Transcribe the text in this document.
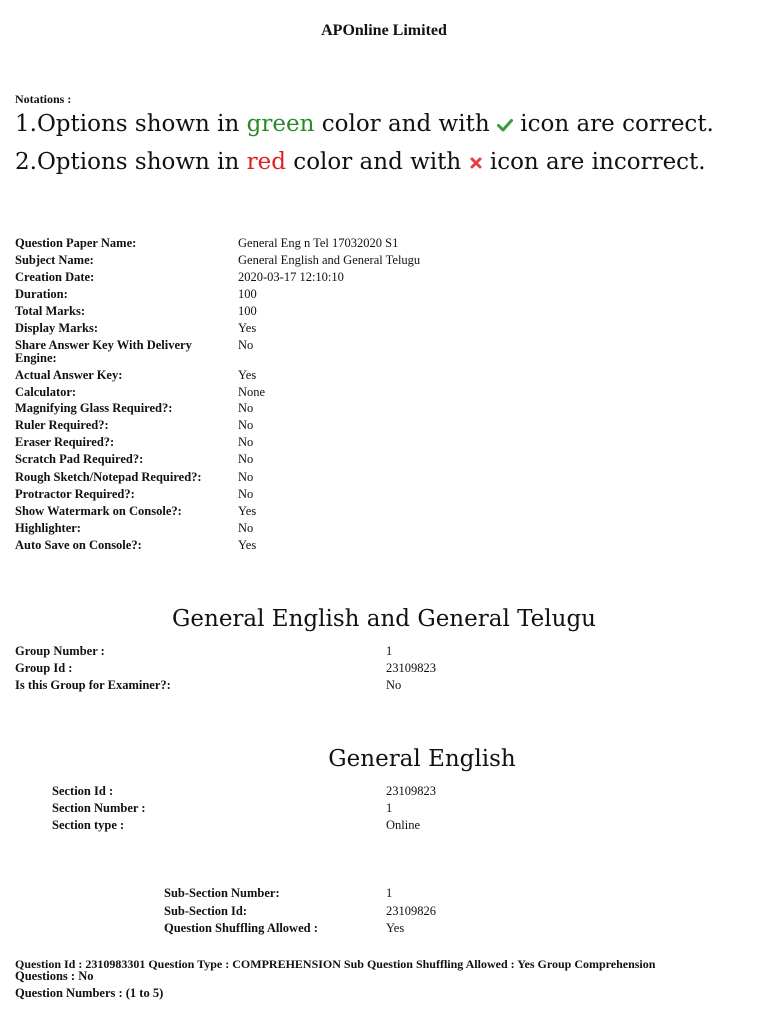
APOnline Limited
Notations :
1.Options shown in green color and with  icon are correct.
2.Options shown in red color and with  icon are incorrect.
Question Paper Name:	General Eng n Tel 17032020 S1
Subject Name:	General English and General Telugu
Creation Date:	2020-03-17 12:10:10
Duration:	100
Total Marks:	100
Display Marks:	Yes
Share Answer Key With Delivery
Engine:
No
Actual Answer Key:	Yes
Calculator:	None
Magnifying Glass Required?:	No
Ruler Required?:	No
Eraser Required?:	No
Scratch Pad Required?:	No
Rough Sketch/Notepad Required?:	No
Protractor Required?:	No
Show Watermark on Console?:	Yes
Highlighter:	No
Auto Save on Console?:	Yes
General English and General Telugu
Group Number :	1
Group Id :	23109823
Is this Group for Examiner?:	No
General English
Section Id :	23109823
Section Number :	1
Section type :	Online
Sub-Section Number:	1
Sub-Section Id:	23109826
Question Shuffling Allowed :	Yes
Question Id : 2310983301 Question Type : COMPREHENSION Sub Question Shuffling Allowed : Yes Group Comprehension
Questions : No
Question Numbers : (1 to 5)
